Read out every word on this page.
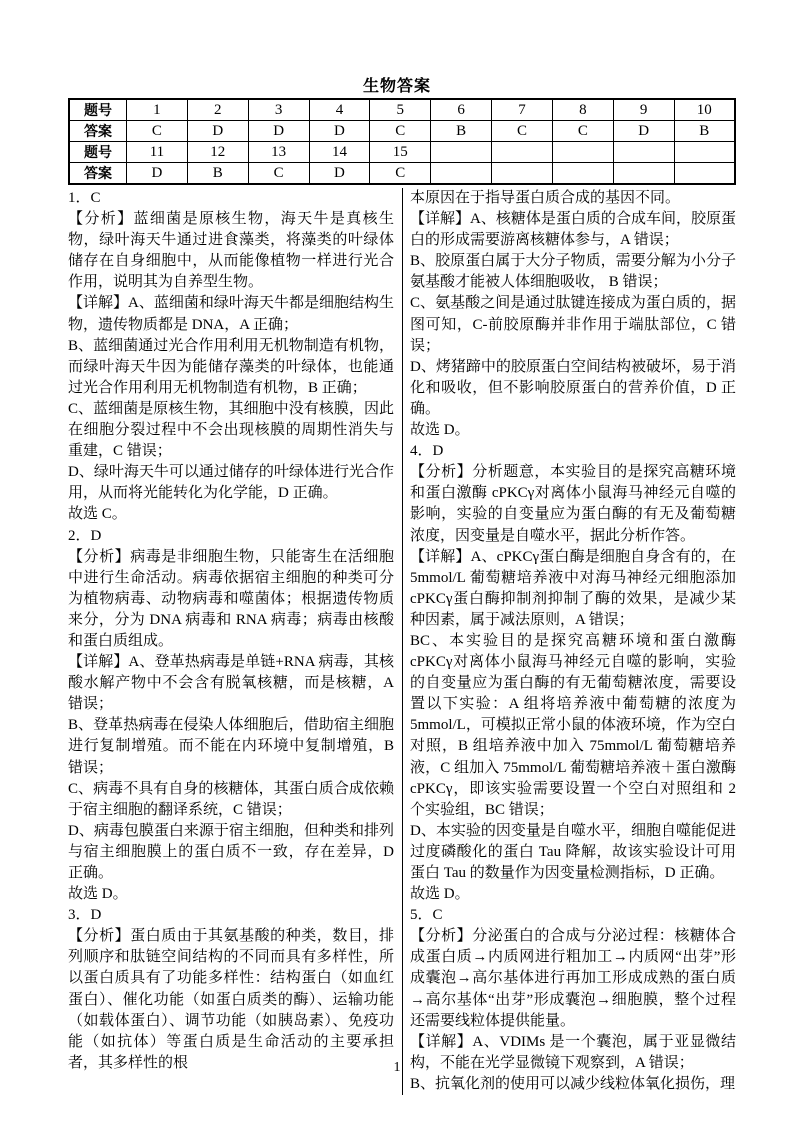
生物答案
题号	1	2	3	4	5	6	7	8	9	10
答案	C	D	D	D	C	B	C	C	D	B
题号	11	12	13	14	15					
答案	D	B	C	D	C					

1．C

【分析】蓝细菌是原核生物，海天牛是真核生物，绿叶海天牛通过进食藻类，将藻类的叶绿体储存在自身细胞中，从而能像植物一样进行光合作用，说明其为自养型生物。

【详解】A、蓝细菌和绿叶海天牛都是细胞结构生物，遗传物质都是 DNA，A 正确；

B、蓝细菌通过光合作用利用无机物制造有机物，而绿叶海天牛因为能储存藻类的叶绿体，也能通过光合作用利用无机物制造有机物，B 正确；

C、蓝细菌是原核生物，其细胞中没有核膜，因此在细胞分裂过程中不会出现核膜的周期性消失与重建，C 错误；

D、绿叶海天牛可以通过储存的叶绿体进行光合作用，从而将光能转化为化学能，D 正确。

故选 C。

2．D

【分析】病毒是非细胞生物，只能寄生在活细胞中进行生命活动。病毒依据宿主细胞的种类可分为植物病毒、动物病毒和噬菌体；根据遗传物质来分，分为 DNA 病毒和 RNA 病毒；病毒由核酸和蛋白质组成。

【详解】A、登革热病毒是单链+RNA 病毒，其核酸水解产物中不会含有脱氧核糖，而是核糖，A 错误；

B、登革热病毒在侵染人体细胞后，借助宿主细胞进行复制增殖。而不能在内环境中复制增殖，B 错误；

C、病毒不具有自身的核糖体，其蛋白质合成依赖于宿主细胞的翻译系统，C 错误；

D、病毒包膜蛋白来源于宿主细胞，但种类和排列与宿主细胞膜上的蛋白质不一致，存在差异，D 正确。

故选 D。

3．D

【分析】蛋白质由于其氨基酸的种类，数目，排列顺序和肽链空间结构的不同而具有多样性，所以蛋白质具有了功能多样性：结构蛋白（如血红蛋白）、催化功能（如蛋白质类的酶）、运输功能（如载体蛋白）、调节功能（如胰岛素）、免疫功能（如抗体）等蛋白质是生命活动的主要承担者，其多样性的根

本原因在于指导蛋白质合成的基因不同。

【详解】A、核糖体是蛋白质的合成车间，胶原蛋白的形成需要游离核糖体参与，A 错误；

B、胶原蛋白属于大分子物质，需要分解为小分子氨基酸才能被人体细胞吸收， B 错误；

C、氨基酸之间是通过肽键连接成为蛋白质的，据图可知，C-前胶原酶并非作用于端肽部位，C 错误；

D、烤猪蹄中的胶原蛋白空间结构被破坏，易于消化和吸收，但不影响胶原蛋白的营养价值，D 正确。

故选 D。

4．D

【分析】分析题意，本实验目的是探究高糖环境和蛋白激酶 cPKCγ对离体小鼠海马神经元自噬的影响，实验的自变量应为蛋白酶的有无及葡萄糖浓度，因变量是自噬水平，据此分析作答。

【详解】A、cPKCγ蛋白酶是细胞自身含有的，在 5mmol/L 葡萄糖培养液中对海马神经元细胞添加 cPKCγ蛋白酶抑制剂抑制了酶的效果，是减少某种因素，属于减法原则，A 错误；

BC、本实验目的是探究高糖环境和蛋白激酶 cPKCγ对离体小鼠海马神经元自噬的影响，实验的自变量应为蛋白酶的有无葡萄糖浓度，需要设置以下实验：A 组将培养液中葡萄糖的浓度为 5mmol/L，可模拟正常小鼠的体液环境，作为空白对照，B 组培养液中加入 75mmol/L 葡萄糖培养液，C 组加入 75mmol/L 葡萄糖培养液＋蛋白激酶 cPKCγ，即该实验需要设置一个空白对照组和 2 个实验组，BC 错误；

D、本实验的因变量是自噬水平，细胞自噬能促进过度磷酸化的蛋白 Tau 降解，故该实验设计可用蛋白 Tau 的数量作为因变量检测指标，D 正确。

故选 D。

5．C

【分析】分泌蛋白的合成与分泌过程：核糖体合成蛋白质→内质网进行粗加工→内质网“出芽”形成囊泡→高尔基体进行再加工形成成熟的蛋白质→高尔基体“出芽”形成囊泡→细胞膜，整个过程还需要线粒体提供能量。

【详解】A、VDIMs 是一个囊泡，属于亚显微结构，不能在光学显微镜下观察到，A 错误；

B、抗氧化剂的使用可以减少线粒体氧化损伤，理

1
